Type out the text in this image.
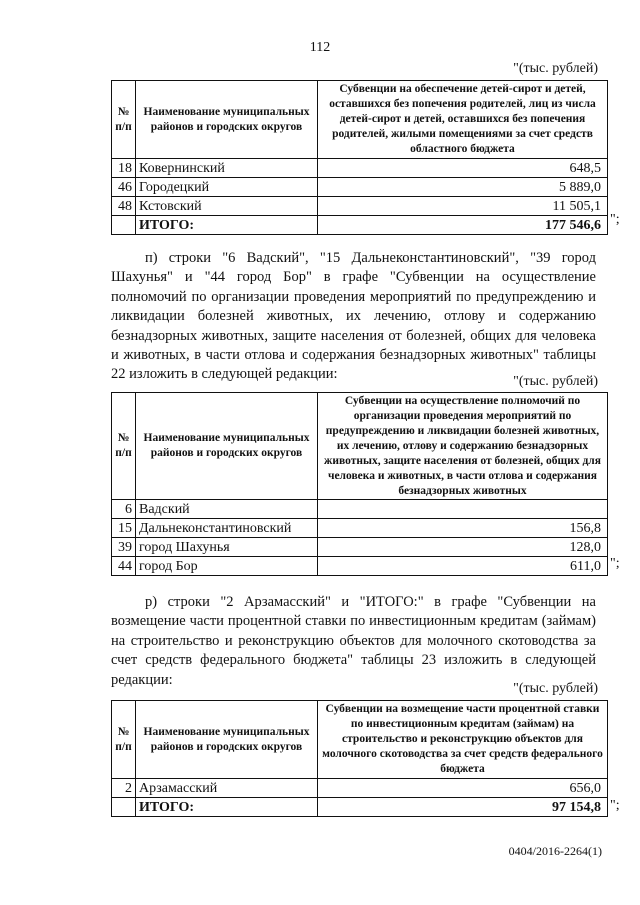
112
"(тыс. рублей)
№ п/п	Наименование муниципальных районов и городских округов	Субвенции на обеспечение детей-сирот и детей, оставшихся без попечения родителей, лиц из числа детей-сирот и детей, оставшихся без попечения родителей, жилыми помещениями за счет средств областного бюджета
18	Ковернинский	648,5
46	Городецкий	5 889,0
48	Кстовский	11 505,1
	ИТОГО:	177 546,6 ";
п) строки "6 Вадский", "15 Дальнеконстантиновский", "39 город Шахунья" и "44 город Бор" в графе "Субвенции на осуществление полномочий по организации проведения мероприятий по предупреждению и ликвидации болезней животных, их лечению, отлову и содержанию безнадзорных животных, защите населения от болезней, общих для человека и животных, в части отлова и содержания безнадзорных животных" таблицы 22 изложить в следующей редакции:	"(тыс. рублей)
№ п/п	Наименование муниципальных районов и городских округов	Субвенции на осуществление полномочий по организации проведения мероприятий по предупреждению и ликвидации болезней животных, их лечению, отлову и содержанию безнадзорных животных, защите населения от болезней, общих для человека и животных, в части отлова и содержания безнадзорных животных
6	Вадский	
15	Дальнеконстантиновский	156,8
39	город Шахунья	128,0
44	город Бор	611,0 ";
р) строки "2 Арзамасский" и "ИТОГО:" в графе "Субвенции на возмещение части процентной ставки по инвестиционным кредитам (займам) на строительство и реконструкцию объектов для молочного скотоводства за счет средств федерального бюджета" таблицы 23 изложить в следующей редакции:
"(тыс. рублей)
№ п/п	Наименование муниципальных районов и городских округов	Субвенции на возмещение части процентной ставки по инвестиционным кредитам (займам) на строительство и реконструкцию объектов для молочного скотоводства за счет средств федерального бюджета
2	Арзамасский	656,0
	ИТОГО:	97 154,8 ";
0404/2016-2264(1)
